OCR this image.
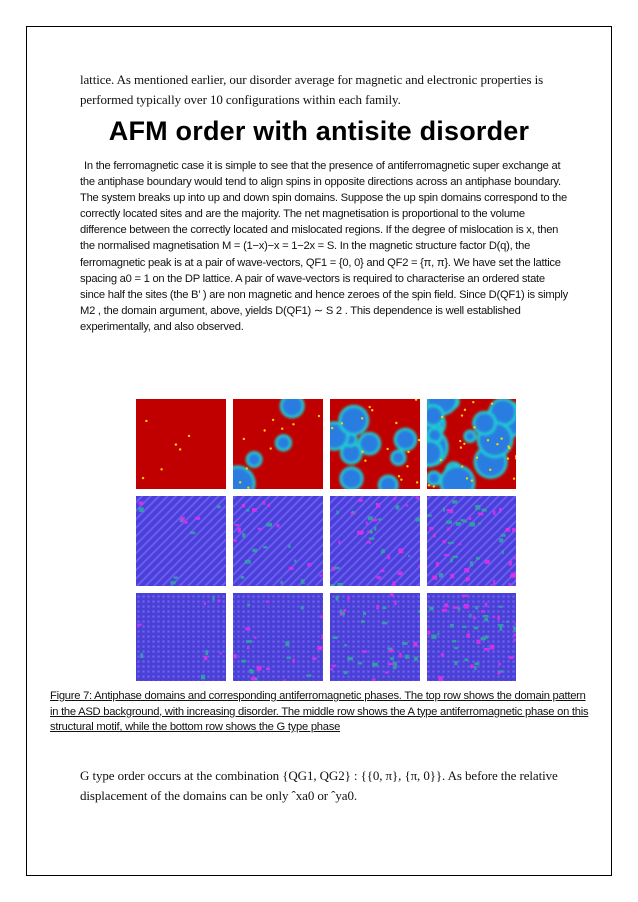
lattice. As mentioned earlier, our disorder average for magnetic and electronic properties is performed typically over 10 configurations within each family.

AFM order with antisite disorder

In the ferromagnetic case it is simple to see that the presence of antiferromagnetic super exchange at the antiphase boundary would tend to align spins in opposite directions across an antiphase boundary. The system breaks up into up and down spin domains. Suppose the up spin domains correspond to the correctly located sites and are the majority. The net magnetisation is proportional to the volume difference between the correctly located and mislocated regions. If the degree of mislocation is x, then the normalised magnetisation M = (1−x)−x = 1−2x = S. In the magnetic structure factor D(q), the ferromagnetic peak is at a pair of wave-vectors, QF1 = {0, 0} and QF2 = {π, π}. We have set the lattice spacing a0 = 1 on the DP lattice. A pair of wave-vectors is required to characterise an ordered state since half the sites (the B’ ) are non magnetic and hence zeroes of the spin field. Since D(QF1) is simply M2 , the domain argument, above, yields D(QF1) ∼ S 2 . This dependence is well established experimentally, and also observed.

Figure 7: Antiphase domains and corresponding antiferromagnetic phases. The top row shows the domain pattern in the ASD background, with increasing disorder. The middle row shows the A type antiferromagnetic phase on this structural motif, while the bottom row shows the G type phase

G type order occurs at the combination {QG1, QG2} : {{0, π}, {π, 0}}. As before the relative displacement of the domains can be only ˆxa0 or ˆya0.
